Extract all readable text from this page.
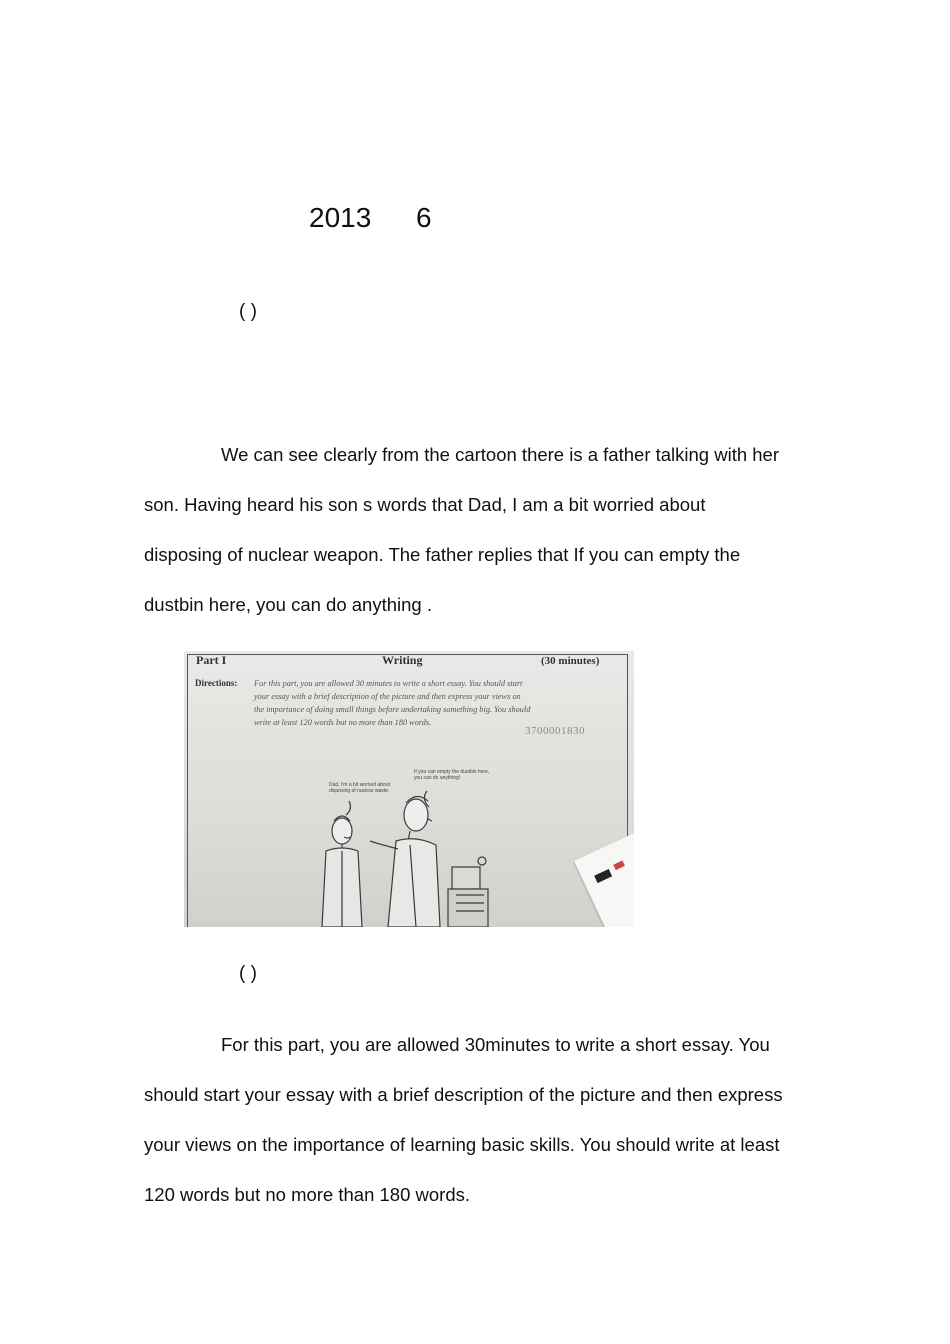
2013 6
( )
We can see clearly from the cartoon there is a father talking with her
son. Having heard his son s words that Dad, I am a bit worried about
disposing of nuclear weapon. The father replies that If you can empty the
dustbin here, you can do anything .
Part I	Writing	(30 minutes)
Directions: For this part, you are allowed 30 minutes to write a short essay. You should start
your essay with a brief description of the picture and then express your views on
the importance of doing small things before undertaking something big. You should
write at least 120 words but no more than 180 words.
3700001830
Dad, I'm a bit worried about disposing of nuclear waste.
If you can empty the dustbin here, you can do anything!
( )
For this part, you are allowed 30minutes to write a short essay. You
should start your essay with a brief description of the picture and then express
your views on the importance of learning basic skills. You should write at least
120 words but no more than 180 words.
